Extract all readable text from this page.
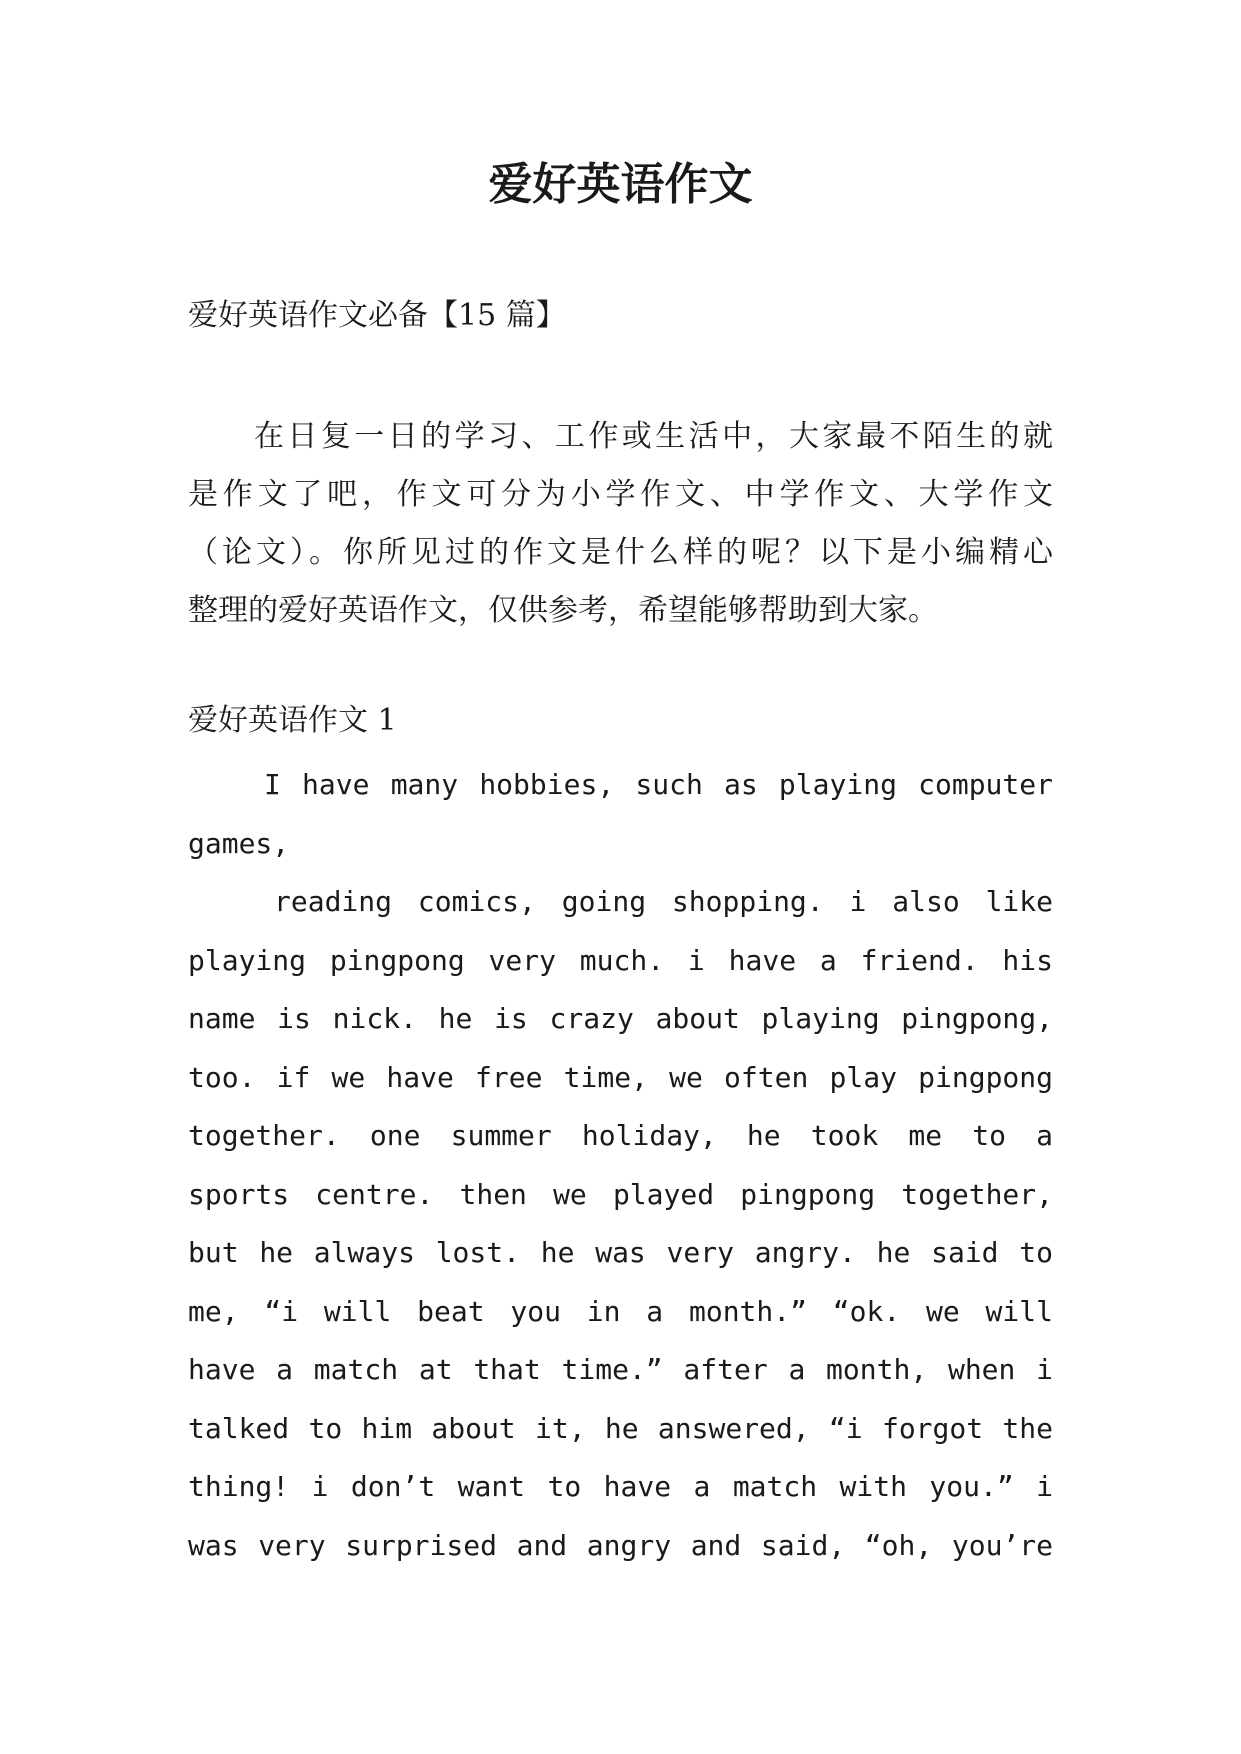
爱好英语作文

爱好英语作文必备【15 篇】

在日复一日的学习、工作或生活中，大家最不陌生的就
是作文了吧，作文可分为小学作文、中学作文、大学作文
（论文）。你所见过的作文是什么样的呢？以下是小编精心
整理的爱好英语作文，仅供参考，希望能够帮助到大家。

爱好英语作文 1

I have many hobbies, such as playing computer
games,
reading comics, going shopping. i also like
playing pingpong very much. i have a friend. his
name is nick. he is crazy about playing pingpong,
too. if we have free time, we often play pingpong
together. one summer holiday, he took me to a
sports centre. then we played pingpong together,
but he always lost. he was very angry. he said to
me, “i will beat you in a month.” “ok. we will
have a match at that time.” after a month, when i
talked to him about it, he answered, “i forgot the
thing! i don’t want to have a match with you.” i
was very surprised and angry and said, “oh, you’re
